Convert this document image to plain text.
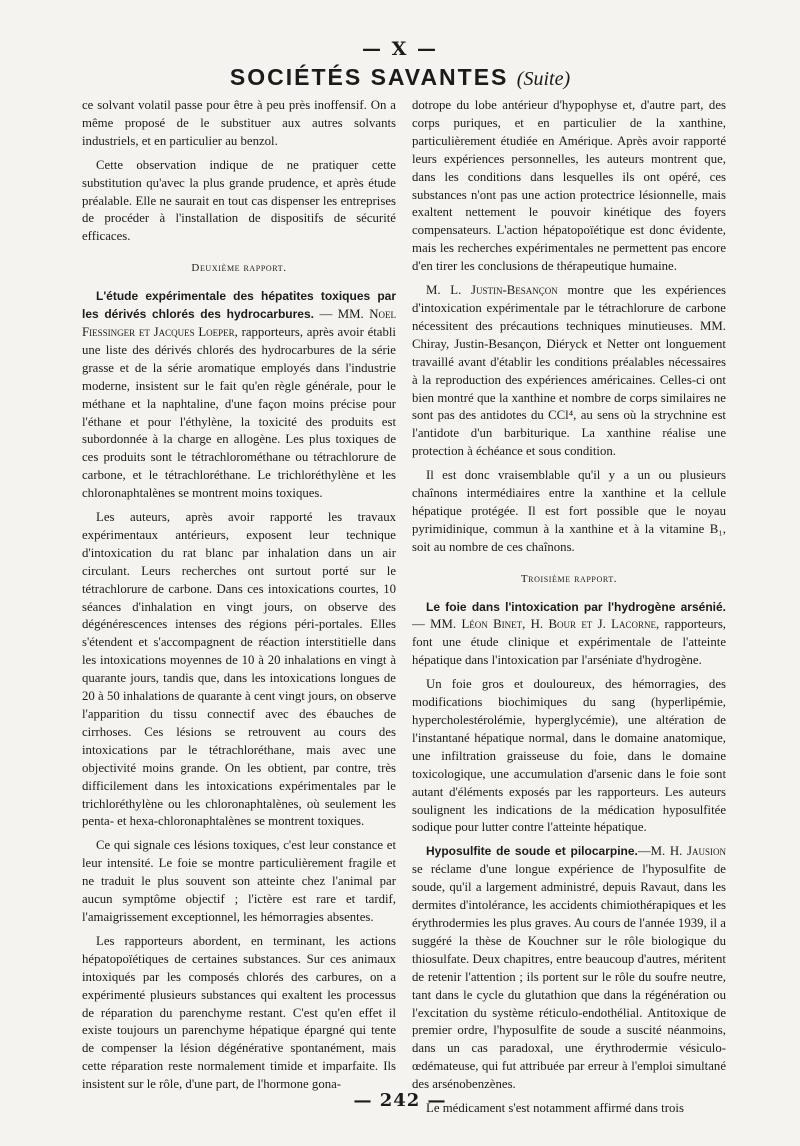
— X —
SOCIÉTÉS SAVANTES (Suite)

ce solvant volatil passe pour être à peu près inoffensif. On a même proposé de le substituer aux autres solvants industriels, et en particulier au benzol.

Cette observation indique de ne pratiquer cette substitution qu'avec la plus grande prudence, et après étude préalable. Elle ne saurait en tout cas dispenser les entreprises de procéder à l'installation de dispositifs de sécurité efficaces.

Deuxième rapport.

L'étude expérimentale des hépatites toxiques par les dérivés chlorés des hydrocarbures. — MM. Noel Fiessinger et Jacques Loeper, rapporteurs, après avoir établi une liste des dérivés chlorés des hydrocarbures de la série grasse et de la série aromatique employés dans l'industrie moderne, insistent sur le fait qu'en règle générale, pour le méthane et la naphtaline, d'une façon moins précise pour l'éthane et pour l'éthylène, la toxicité des produits est subordonnée à la charge en allogène. Les plus toxiques de ces produits sont le tétrachlorométhane ou tétrachlorure de carbone, et le tétrachloréthane. Le trichloréthylène et les chloronaphtalènes se montrent moins toxiques.

Les auteurs, après avoir rapporté les travaux expérimentaux antérieurs, exposent leur technique d'intoxication du rat blanc par inhalation dans un air circulant. Leurs recherches ont surtout porté sur le tétrachlorure de carbone. Dans ces intoxications courtes, 10 séances d'inhalation en vingt jours, on observe des dégénérescences intenses des régions péri-portales. Elles s'étendent et s'accompagnent de réaction interstitielle dans les intoxications moyennes de 10 à 20 inhalations en vingt à quarante jours, tandis que, dans les intoxications longues de 20 à 50 inhalations de quarante à cent vingt jours, on observe l'apparition du tissu connectif avec des ébauches de cirrhoses. Ces lésions se retrouvent au cours des intoxications par le tétrachloréthane, mais avec une objectivité moins grande. On les obtient, par contre, très difficilement dans les intoxications expérimentales par le trichloréthylène ou les chloronaphtalènes, où seulement les penta- et hexa-chloronaphtalènes se montrent toxiques.

Ce qui signale ces lésions toxiques, c'est leur constance et leur intensité. Le foie se montre particulièrement fragile et ne traduit le plus souvent son atteinte chez l'animal par aucun symptôme objectif ; l'ictère est rare et tardif, l'amaigrissement exceptionnel, les hémorragies absentes.

Les rapporteurs abordent, en terminant, les actions hépatopoïétiques de certaines substances. Sur ces animaux intoxiqués par les composés chlorés des carbures, on a expérimenté plusieurs substances qui exaltent les processus de réparation du parenchyme restant. C'est qu'en effet il existe toujours un parenchyme hépatique épargné qui tente de compenser la lésion dégénérative spontanément, mais cette réparation reste normalement timide et imparfaite. Ils insistent sur le rôle, d'une part, de l'hormone gona-

dotrope du lobe antérieur d'hypophyse et, d'autre part, des corps puriques, et en particulier de la xanthine, particulièrement étudiée en Amérique. Après avoir rapporté leurs expériences personnelles, les auteurs montrent que, dans les conditions dans lesquelles ils ont opéré, ces substances n'ont pas une action protectrice lésionnelle, mais exaltent nettement le pouvoir kinétique des foyers compensateurs. L'action hépatopoïétique est donc évidente, mais les recherches expérimentales ne permettent pas encore d'en tirer les conclusions de thérapeutique humaine.

M. L. Justin-Besançon montre que les expériences d'intoxication expérimentale par le tétrachlorure de carbone nécessitent des précautions techniques minutieuses. MM. Chiray, Justin-Besançon, Diéryck et Netter ont longuement travaillé avant d'établir les conditions préalables nécessaires à la reproduction des expériences américaines. Celles-ci ont bien montré que la xanthine et nombre de corps similaires ne sont pas des antidotes du CCl⁴, au sens où la strychnine est l'antidote d'un barbiturique. La xanthine réalise une protection à échéance et sous condition.

Il est donc vraisemblable qu'il y a un ou plusieurs chaînons intermédiaires entre la xanthine et la cellule hépatique protégée. Il est fort possible que le noyau pyrimidinique, commun à la xanthine et à la vitamine B₁, soit au nombre de ces chaînons.

Troisième rapport.

Le foie dans l'intoxication par l'hydrogène arsénié. — MM. Léon Binet, H. Bour et J. Lacorne, rapporteurs, font une étude clinique et expérimentale de l'atteinte hépatique dans l'intoxication par l'arséniate d'hydrogène.

Un foie gros et douloureux, des hémorragies, des modifications biochimiques du sang (hyperlipémie, hypercholestérolémie, hyperglycémie), une altération de l'instantané hépatique normal, dans le domaine anatomique, une infiltration graisseuse du foie, dans le domaine toxicologique, une accumulation d'arsenic dans le foie sont autant d'éléments exposés par les rapporteurs. Les auteurs soulignent les indications de la médication hyposulfitée sodique pour lutter contre l'atteinte hépatique.

Hyposulfite de soude et pilocarpine.—M. H. Jausion se réclame d'une longue expérience de l'hyposulfite de soude, qu'il a largement administré, depuis Ravaut, dans les dermites d'intolérance, les accidents chimiothérapiques et les érythrodermies les plus graves. Au cours de l'année 1939, il a suggéré la thèse de Kouchner sur le rôle biologique du thiosulfate. Deux chapitres, entre beaucoup d'autres, méritent de retenir l'attention ; ils portent sur le rôle du soufre neutre, tant dans le cycle du glutathion que dans la régénération ou l'excitation du système réticulo-endothélial. Antitoxique de premier ordre, l'hyposulfite de soude a suscité néanmoins, dans un cas paradoxal, une érythrodermie vésiculo-œdémateuse, qui fut attribuée par erreur à l'emploi simultané des arsénobenzènes.

Le médicament s'est notamment affirmé dans trois

— 242 —
